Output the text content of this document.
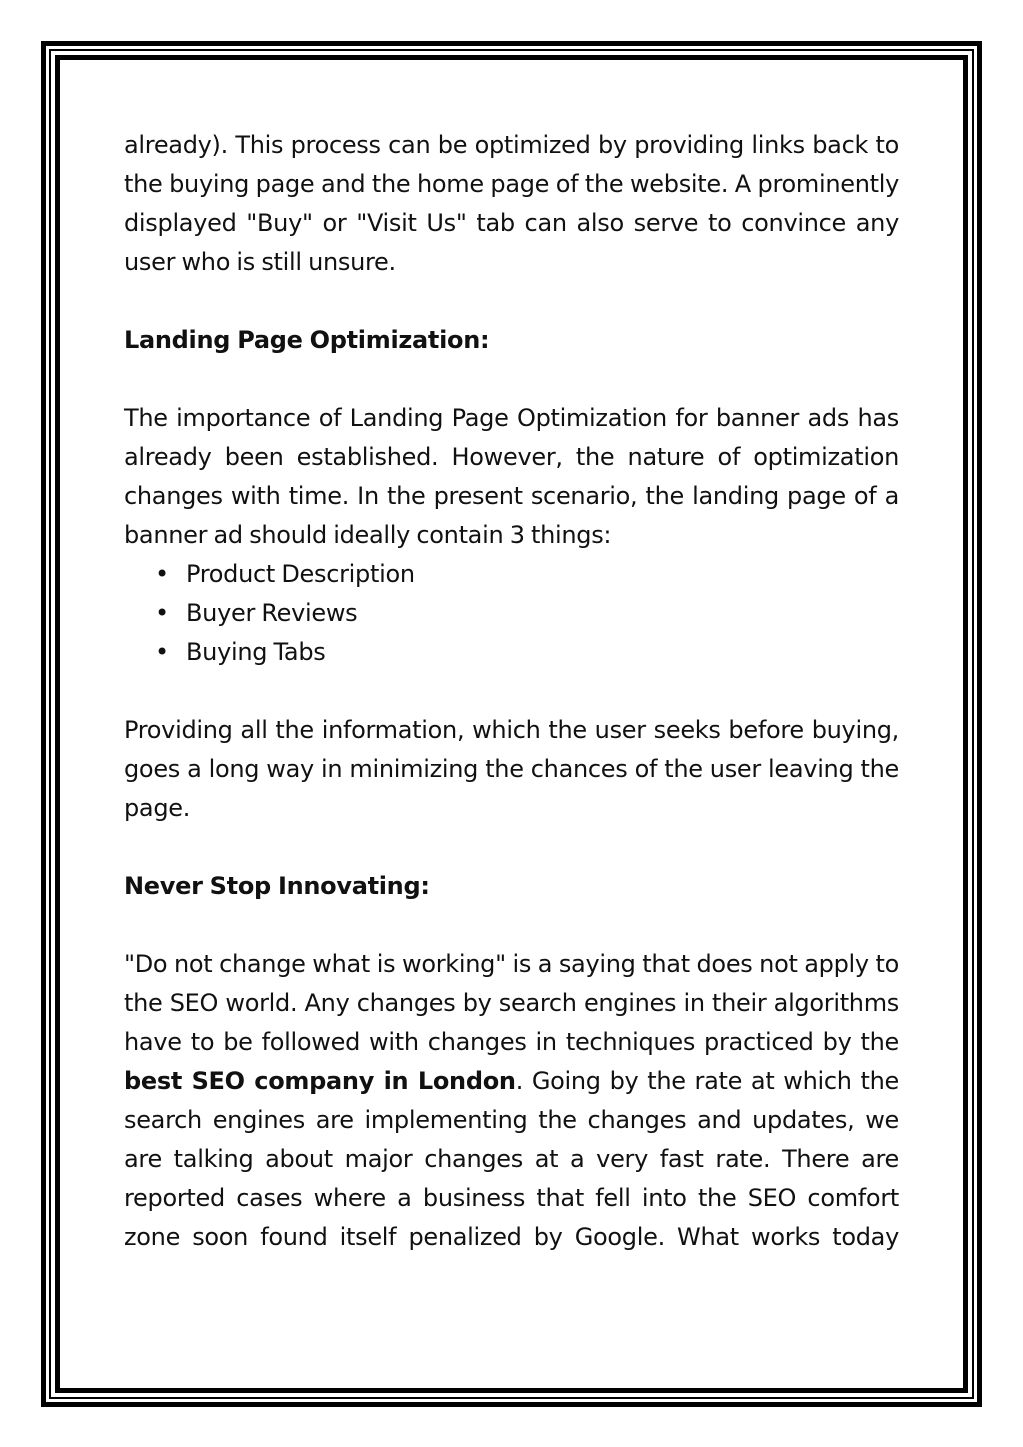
already). This process can be optimized by providing links back to the buying page and the home page of the website. A prominently displayed "Buy" or "Visit Us" tab can also serve to convince any user who is still unsure.

Landing Page Optimization:

The importance of Landing Page Optimization for banner ads has already been established. However, the nature of optimization changes with time. In the present scenario, the landing page of a banner ad should ideally contain 3 things:

• Product Description
• Buyer Reviews
• Buying Tabs

Providing all the information, which the user seeks before buying, goes a long way in minimizing the chances of the user leaving the page.

Never Stop Innovating:

"Do not change what is working" is a saying that does not apply to the SEO world. Any changes by search engines in their algorithms have to be followed with changes in techniques practiced by the best SEO company in London. Going by the rate at which the search engines are implementing the changes and updates, we are talking about major changes at a very fast rate. There are reported cases where a business that fell into the SEO comfort zone soon found itself penalized by Google. What works today
